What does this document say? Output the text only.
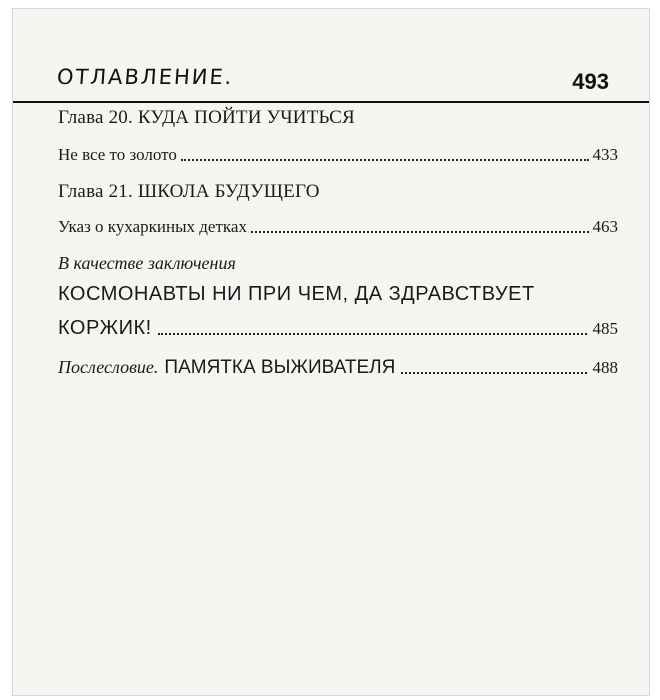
ОТЛАВЛЕНИЕ.	493
Глава 20. КУДА ПОЙТИ УЧИТЬСЯ
Не все то золото	433
Глава 21. ШКОЛА БУДУЩЕГО
Указ о кухаркиных детках	463
В качестве заключения
КОСМОНАВТЫ НИ ПРИ ЧЕМ, ДА ЗДРАВСТВУЕТ
КОРЖИК!	485
Послесловие. ПАМЯТКА ВЫЖИВАТЕЛЯ	488
